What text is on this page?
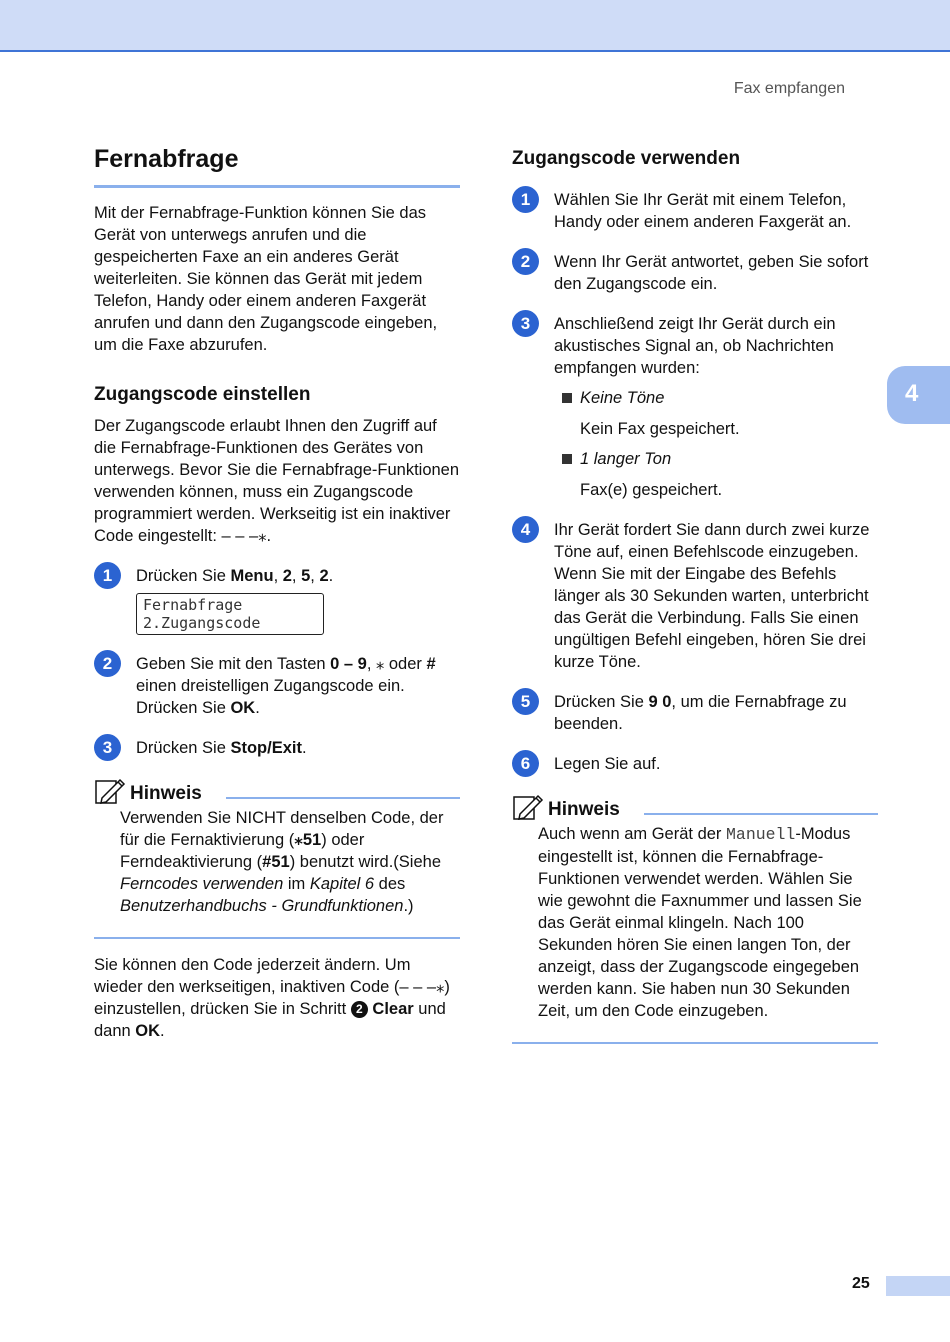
Fax empfangen
4
Fernabfrage

Mit der Fernabfrage-Funktion können Sie das Gerät von unterwegs anrufen und die gespeicherten Faxe an ein anderes Gerät weiterleiten. Sie können das Gerät mit jedem Telefon, Handy oder einem anderen Faxgerät anrufen und dann den Zugangscode eingeben, um die Faxe abzurufen.

Zugangscode einstellen

Der Zugangscode erlaubt Ihnen den Zugriff auf die Fernabfrage-Funktionen des Gerätes von unterwegs. Bevor Sie die Fernabfrage-Funktionen verwenden können, muss ein Zugangscode programmiert werden. Werkseitig ist ein inaktiver Code eingestellt: – – –⁎.

1	Drücken Sie Menu, 2, 5, 2.
Fernabfrage
2.Zugangscode
2	Geben Sie mit den Tasten 0 – 9, ⁎ oder # einen dreistelligen Zugangscode ein. Drücken Sie OK.
3	Drücken Sie Stop/Exit.
Hinweis
Verwenden Sie NICHT denselben Code, der für die Fernaktivierung (⁎51) oder Ferndeaktivierung (#51) benutzt wird.(Siehe Ferncodes verwenden im Kapitel 6 des Benutzerhandbuchs - Grundfunktionen.)

Sie können den Code jederzeit ändern. Um wieder den werkseitigen, inaktiven Code (– – –⁎) einzustellen, drücken Sie in Schritt 2 Clear und dann OK.

Zugangscode verwenden
1	Wählen Sie Ihr Gerät mit einem Telefon, Handy oder einem anderen Faxgerät an.
2	Wenn Ihr Gerät antwortet, geben Sie sofort den Zugangscode ein.
3	Anschließend zeigt Ihr Gerät durch ein akustisches Signal an, ob Nachrichten empfangen wurden:
Keine Töne
Kein Fax gespeichert.
1 langer Ton
Fax(e) gespeichert.
4	Ihr Gerät fordert Sie dann durch zwei kurze Töne auf, einen Befehlscode einzugeben. Wenn Sie mit der Eingabe des Befehls länger als 30 Sekunden warten, unterbricht das Gerät die Verbindung. Falls Sie einen ungültigen Befehl eingeben, hören Sie drei kurze Töne.
5	Drücken Sie 9 0, um die Fernabfrage zu beenden.
6	Legen Sie auf.
Hinweis
Auch wenn am Gerät der Manuell-Modus eingestellt ist, können die Fernabfrage-Funktionen verwendet werden. Wählen Sie wie gewohnt die Faxnummer und lassen Sie das Gerät einmal klingeln. Nach 100 Sekunden hören Sie einen langen Ton, der anzeigt, dass der Zugangscode eingegeben werden kann. Sie haben nun 30 Sekunden Zeit, um den Code einzugeben.
25
